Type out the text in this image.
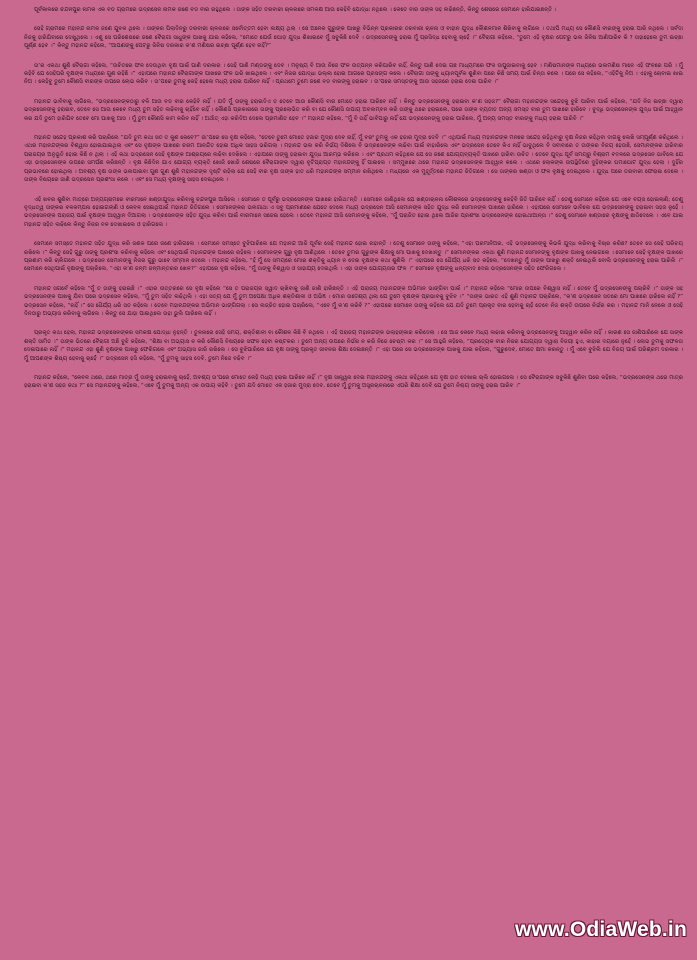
ପୂର୍ବକାଳରେ ଚନ୍ଦନପୁର ନାମକ ଏକ ବଡ ଗ୍ରାମରେ ଭଦ୍ରସେନ ନାମକ ଜଣେ ବଡ ବୀର ରହୁଥିଲେ । ତାଙ୍କ ସହିତ ତରବାରୀ ଚାଳନାରେ ସମକକ୍ଷ ଆଉ କେହିବି ଯୋଦ୍ଧା ନଥିଲେ । କେତେ ବୀର ତାଙ୍କ ସହ ଲଢିଛନ୍ତି, କିନ୍ତୁ ଶେଷରେ ସେମାନେ ହାରିଯାଇଛନ୍ତି ।

ସେହି ଗ୍ରାମରେ ମହାନନ୍ଦ ନାମକ ଜଣେ ଯୁବକ ଥିଲେ । ତାଙ୍କର ପିଲାଦିନରୁ ତରବାରୀ ଚାଳନାରେ ସର୍ବୋତ୍ତମ ହେବା ଲକ୍ଷ୍ୟ ଥିଲା । ସେ ଅନେକ ଗୁରୁଙ୍କ ପାଖରୁ ବିଭିନ୍ନ ପ୍ରକାରର ତରବାରୀ ଚାଳନା ଓ ବାହୀନ ଯୁଦ୍ଧ କୌଶଳମାନ ଶିଖିବାକୁ ଲାଗିଲେ । ତଥାପି ମଧ୍ୟ ସେ କୌଣସି ବୀରଙ୍କୁ ହରାଇ ପାରି ନଥିଲେ । ସର୍ବଦା ନିଜକୁ ହାରିଯିବାରେ ଦେଖୁଥିଲେ । ଏଣୁ ସେ ପରିଶେଷରେ ଜଣେ ବୈରାଗୀ ସାଧୁଙ୍କ ପାଖକୁ ଯାଇ କହିଲେ, “ମୋତେ ଯେଉଁ ଘୋଡ଼ ଯୁଦ୍ଧ ଶିଖାଇବେ ମୁଁ ସବୁକିଛି ଦେବି । ଭଦ୍ରସେନଙ୍କୁ ହରାଇ ମୁଁ ପ୍ରସିଦ୍ଧ ହେବାକୁ ଚାହେଁ ।” ବୈରାଗୀ କହିଲେ, “ତୁମେ ଏହି ବୃକ୍ଷର ପେଟରୁ ଭଲ ଜିନିଷ ଆଣିପାରିବ କି ? ତାହାହେଲେ ତୁମ ଇଚ୍ଛା ପୂର୍ଣ୍ଣ ହେବ ।” କିନ୍ତୁ ମହାନନ୍ଦ କହିଲେ, “ଆପଣଙ୍କୁ ପେଟରୁ ଜିନିଷ ଦରକାର କ’ଣ ମଣିଷର ଇଚ୍ଛା ପୂର୍ଣ୍ଣ ହେବ ନାହିଁ?”

ତା’ର ଏକଥା ଶୁଣି ବୈରାଗୀ କହିଲେ, “ଉଚିତରେ ଫଳ ଦେଉଥିବା ବୃକ୍ଷ ପାଇଁ ପାଣି ଦରକାର । ସେହି ପାଣି ମଣ୍ଡଙ୍କୁ ଦେବ । ମନୁଷ୍ୟ ବି ଆଉ ନିଜେ ଫଳ ଉତ୍ପନ୍ନ କରିପାରିବ ନାହିଁ, କିନ୍ତୁ ପାଣି ଦେଇ ଗଛ ମାଧ୍ୟମରେ ଫଳ ଉପୁଜାଇବାକୁ ହେବ । ମଣିଷମାନଙ୍କ ମଧ୍ୟରେ ଭଲମଣିଷ ମାନେ ଏହି ଫଳରେ ପରି । ମୁଁ କହିବି ଯେ ସେହିପରି ବୃକ୍ଷଙ୍କ ମଧ୍ୟରେ ଗୁଣ ରହିଛି ।” ଏହାପରେ ମହାନନ୍ଦ ବୈରାଗୀଙ୍କ ପାଖରେ ଫଳ ଭରି ଖାଇଥିଲେ । ଏବଂ ନିଜର ଯୋଦ୍ଧା ଭଲ୍ଲା ହୋଇ ଆଗରେ ପ୍ରସଙ୍ଗ କଲେ । ବୈରାଗୀ ତାଙ୍କୁ ଧ୍ୟାନପୂର୍ବକ ଶୁଣିବା ପରେ କିଛି ସମୟ ପାଇଁ ଚିନ୍ତା କଲେ । ପରେ ସେ କହିଲେ, “ଏହିଟିକୁ ନିଅ । ଏହାକୁ ଚୋବାଇ ଖାଇ ନିଅ । କେହିବୁ ତୁମେ କୌଣସି ବୀରଙ୍କ ଉପରେ ଲୋଭ କରିବ । ତା’ପରେ ତୁମକୁ କେହି ହେଲେ ମଧ୍ୟ ହରାଇ ପାରିବେ ନାହିଁ । ପ୍ରଥମେ ତୁମେ ଜଣେ ବଡ ବୀରଙ୍କୁ ହରାଇବ । ତା’ପରେ ସମସ୍ତଙ୍କୁ ଆଉ ସହଜରେ ହରାଇ ଦେଇ ପାରିବ ।”

ମହାନନ୍ଦ ଭାବିବାକୁ ଲାଗିଲେ, “ଭଦ୍ରସେନଙ୍କଠାରୁ ବଳି ଆଉ ବଡ ବୀର କେହିବି ନାହିଁ । ଯଦି ମୁଁ ତାଙ୍କୁ ହରାଇଦିଏ ତ ତେବେ ଆଉ କୌଣସି ବୀର ମୋତେ ହରାଇ ପାରିବେ ନାହିଁ । କିନ୍ତୁ ଭଦ୍ରସେନଙ୍କୁ ହରାଇବା କ’ଣ ସହଜ?” ବୈରାଗୀ ମହାନନ୍ଦଙ୍କ ସନ୍ଦେହକୁ ବୁଝି ପାରିବା ପାଇଁ କହିଲେ, “ଯଦି ନିଜ ଇଚ୍ଛା ଦ୍ୱାରା ଭଦ୍ରସେନଙ୍କୁ ହରାଇବ, ତେବେ ସେ ଆଉ କେବେ ମଧ୍ୟ ତୁମ ସହିତ ଲଢିବାକୁ ଚାହିଁବେ ନାହିଁ । କୌଣସି ପ୍ରକାରରେ ତାଙ୍କୁ ପ୍ରଲୋଭିତ କରି ବା ଯେ କୌଣସି ଉପାୟ ଅବଲମ୍ବନ କରି ତାଙ୍କୁ ଥରେ ହରାଇଲେ, ପରେ ତାଙ୍କ ବ୍ୟତୀତ ଅନ୍ୟ ସମସ୍ତ ବୀର ତୁମ ପାଖରେ ହାରିବେ । ବୁଦ୍ଧି ଭଦ୍ରସେନଙ୍କ ଯୁଦ୍ଧ ପାଇଁ ଆହ୍ୱାନ କର ଯଦି ତୁମେ ହାରିଯିବ ତେବେ ମୋ ପାଖକୁ ଆସ । ମୁଁ ତୁମ କୌଣସି କାମ କରିବ ନାହିଁ । ଅର୍ଥାତ୍ ଏହା କରିଦିଅ ଦେଲେ ପ୍ରମାଣିତ ହେବ ।” ମହାନନ୍ଦ କହିଲେ, “ମୁଁ ବି ତାହିଁ ଭାବିପାରୁ ନାହିଁ ଯେ ଭଦ୍ରସେନଙ୍କୁ ହରାଇ ପାରିଲେ, ମୁଁ ଅନ୍ୟ ସମସ୍ତ ବୀରଙ୍କୁ ମଧ୍ୟ ହରାଇ ପାରିବି ।”

ମହାନନ୍ଦ ସନ୍ଦେହ ପ୍ରକାଶ କରି ପଚାରିଲେ “ଯଦି ତୁମ କଥା ସତ ତ କୁଣ କେବେ?” ଜା’ପରେ ସେ ବୃକ୍ଷ କହିଲେ, “ତେବେ ତୁମେ ମୋତେ ହଜାର ମୁଦ୍ରା ଦେବ ନାହିଁ, ମୁଁ ବରଂ ତୁମକୁ ଏକ ହଜାର ମୁଦ୍ରା ଦେବି ।” ଏଥିପାଇଁ ମଧ୍ୟ ମହାନନ୍ଦଙ୍କ ମନରେ ସନ୍ଦେହ ରହିଥିବାରୁ ବୃକ୍ଷ ନିଜର କହିଥିବା ଦାଗକୁ ଲେଖି ସମ୍ପୂର୍ଣ୍ଣ କରିଥିଲେ । ଏଥର ମହାନନ୍ଦଙ୍କର ବିଶ୍ୱାସ ହୋଇଯାଇଥିଲା ଏବଂ ସେ ବୃକ୍ଷଙ୍କ ପାଖରେ ଚରମ ଆନନ୍ଦିତ ହୋଇ ଅଧିକ ସାହସ ଭରିଗଲା । ମହାନନ୍ଦ ଭଲ କରି ନିର୍ଭୟ ଦିଶିଲେ ବି ଭଦ୍ରସେନଙ୍କ ଲଢିବା ପାଇଁ ବାହାରିଲେ ଏବଂ ଭଦ୍ରସେନ ତେବେ କିଏ ନାହିଁ ଭାବୁଥିଲେ ବି ସବୀବାରେ ତ ତାଙ୍କର ବିଜୟ ହେଉଛି, ସେମାନଙ୍କର ହାରିବାର ପରାଜୟର ଅନୁଭୂତି ହୋଇ କିଛି ନ ଥିଲା । ଏହି କଥା ଭଦ୍ରସେନ ସେହି ବୃକ୍ଷଙ୍କ ଆଶ୍ରୟରେ ଲଢିବା ଦେଖିଲେ । ଏହାପରେ ତାଙ୍କୁ ହରାଇବା ଯୁଦ୍ଧ ଆରମ୍ଭ କରିଲେ । ଏବଂ ପ୍ରଥମ କହିଥିଲେ ଯେ ସେ ଜଣେ ଯୋଗ୍ୟବ୍ୟକ୍ତି ପାଖରେ ହାରିବା ଉଚିତ । ତେବେ ଯୁଦ୍ଧ ପୂର୍ବ ସମୟରୁ ବିଶ୍ରାମ ବଦଳରେ ଭଦ୍ରସେନ ଭାବିଲେ ଯେ ଏହା ଭଦ୍ରସେନଙ୍କ ଉପରେ ସମର୍ପଣ କରିଛନ୍ତି । ବୃକ୍ଷ କିଛିଦିନ ଯାଏ ଯୋଗ୍ୟ ବ୍ୟକ୍ତି ଖୋଜି ଖୋଜି ଶେଷରେ ବୈରାଗୀଙ୍କ ଦ୍ୱାରା ବୃଟିପ୍ରାପ୍ତ ମହାନନ୍ଦଙ୍କୁ ହିଁ ପାଇଲେ । ସମ୍ମୁଖରେ ଥରେ ମହାନନ୍ଦ ଭଦ୍ରସେନଙ୍କ ଆହ୍ୱାନ କଲେ । ଏଥରେ ଲୋକଙ୍କ ଉପସ୍ଥିତିରେ ଦୁହିଙ୍କର ଘମାଘୋଟ ଯୁଦ୍ଧ ହେଲା । ଦୁହିଁର ପ୍ରଭାବରେ ହୋଇଥିଲା । ଅବଶ୍ୟ ବୃକ୍ଷ ତାଙ୍କ ଭଲପାଇବା ଗୁଣ ଗୁଣ ଶୁଣି ମହାନନ୍ଦଙ୍କ ଦୃଷ୍ଟି ରହିଲା ଯେ ସେହି ବୀର ବୃକ୍ଷ ତାଙ୍କ ହାତ ଧରି ମହାନନ୍ଦଙ୍କ ସମ୍ମାନ ରଖିଥିଲେ । ମଧ୍ୟରେ ଏକ ମୁହୂର୍ତ୍ତରେ ମହାନନ୍ଦ ଜିତିଗଲେ । ସେ ତାଙ୍କର ଖଣ୍ଡା ଓ ଫଳ ବୃକ୍ଷକୁ ଦେଇଥିଲେ । ଯୁଦ୍ଧ ପରେ ତରବାରୀ ଫେରାଇ ଦେଲେ । ତାଙ୍କ ବିଷୟରେ ଜାଣି ଭଦ୍ରସେନ ପ୍ରଶଂସା କଲେ । ଏବଂ ସେ ମଧ୍ୟ ବୃକ୍ଷଙ୍କୁ ସାହସ ଦେଇଥିଲେ ।

ଏହି ଖବର ଶୁଣିବା ମାତ୍ରେ ଅନ୍ୟଗ୍ରାମରେ ବୀରମାନେ ଖଣ୍ଡାଯୁଦ୍ଧ କରିବାକୁ ଚନ୍ଦନପୁର ଆସିଲେ । ସେମାନେ ତ ପୂର୍ବରୁ ଭଦ୍ରସେନଙ୍କ ପାଖରେ ହାରିଥା’ନ୍ତି । ସେମାନେ ଜାଣିଥିଲେ ଯେ ଖଣ୍ଡାଚାଳନା କୌଶଳରେ ଭଦ୍ରସେନଙ୍କୁ କେହିବି ଜିତି ପାରିବେ ନାହିଁ । ତେଣୁ ସେମାନେ କହିଲେ ଯେ ଏବେ ବୟସ ହୋଇଲାଣି; ତେଣୁ ବୃଦ୍ଧତ୍ୱ ତାଙ୍କର ବଳକମ୍ପନା ହୋଇଗଲାଣି ଓ କେବଳ ସେଇଥିପାଇଁ ମହାନନ୍ଦ ଜିତିଗଲେ । ସେମାନଙ୍କର ଭଲଗାଥା ଏ ସବୁ ପ୍ରମାଣରେ ଯେତେ ଦେଲେ ମଧ୍ୟ ଭଦ୍ରସେନ ଆସି ସେମାନଙ୍କ ସହିତ ଯୁଦ୍ଧ କରି ସେମାନଙ୍କ ପାଖରେ ହାରିଲେ । ଏହାପରେ ସେମାନେ ଭାବିଲେ ଯେ ଭଦ୍ରସେନଙ୍କୁ ହରାଇବା ସହଜ ନୁହେଁ । ଭଦ୍ରସେନଙ୍କ ପରାଜୟ ପାଇଁ ବୃକ୍ଷଙ୍କ ଆହ୍ୱାନ ଦିଆଗଲା । ଭଦ୍ରସେନଙ୍କ ସହିତ ଯୁଦ୍ଧ କରିବା ପାଇଁ ବୀରମାନେ ସଜେଇ ହେଲେ । ତେବେ ମହାନନ୍ଦ ଆସି ସେମାନଙ୍କୁ କହିଲେ, “ମୁଁ ପରାଜିତ ହୋଇ ଥିଲେ ଆଜିର ପ୍ରଶଂସା ଭଦ୍ରସେନଙ୍କ ହୋଇଥାଆନ୍ତା ।” ତେଣୁ ସେମାନେ ଖଣ୍ଡାରେ ବୃକ୍ଷଙ୍କୁ ଛାଡିଦେଲେ । ଏବେ ଯାଇ ମହାନନ୍ଦ ସହିତ ଲଢିଲେ କିନ୍ତୁ ନିଜର ବଳ ଦେଖାଇଲେ ଓ ହାରିଗଲେ ।

ସେମାନେ ସମସ୍ତେ ମହାନନ୍ଦ ସହିତ ଯୁଦ୍ଧ କରି ଜଣକ ପରେ ଜଣେ ହାରିଗଲେ । ସେମାନେ ସମସ୍ତେ ବୁଝିପାରିଲେ ଯେ ମହାନନ୍ଦ ଆଜି ପୂର୍ବର ସେହି ମହାନନ୍ଦ ହୋଇ ନାହାନ୍ତି । ତେଣୁ ସେମାନେ ତାଙ୍କୁ କହିଲେ, “ଏହା ପରମାନିଅର, ଏହି ଭଦ୍ରସେନଙ୍କୁ କିଭଳି ଯୁଦ୍ଧ କରିବାକୁ ବିଚାର କରିଛ? ତେବେ ସେ ସେହି ପରିଚୟ ରଖିଲେ ।” କିନ୍ତୁ ସେହି ଗୁରୁ ତାଙ୍କୁ ପ୍ରଶଂସା କରିବାକୁ କହିଲେ ଏବଂ ସେଥିପାଇଁ ମହାନନ୍ଦଙ୍କ ପାଖରେ ରହିଲେ । ସେମାନଙ୍କ ଗୁରୁ ବୃକ୍ଷ ଆଣିଥିଲେ । ତେବେ ତୁମର ଗୁରୁଙ୍କ ଶିକ୍ଷାକୁ ମୋ ପାଖକୁ ଦେଖାନ୍ତୁ ।” ସେମାନଙ୍କର ଏକଥା ଶୁଣି ମହାନନ୍ଦ ସେମାନଙ୍କୁ ବୃକ୍ଷଙ୍କ ପାଖକୁ ନେଇଗଲେ । ସେମାନେ ସେହି ବୃକ୍ଷଙ୍କ ପାଖରେ ପ୍ରଣାମ କରି ଚାଲିଗଲେ । ଭଦ୍ରସେନ ସେମାନଙ୍କୁ ନିଜର ଗୁରୁ ଭାବେ ସମ୍ମାନ ଦେଲେ । ମହାନନ୍ଦ କହିଲେ, “ହଁ ମୁଁ ସେ ସମୟରେ ମୋର ଶକ୍ତିକୁ ଧ୍ୟାନ ନ ଦେଇ ବୃକ୍ଷଙ୍କ କଥା ଶୁଣିଲି ।” ଏହାପରେ ସେ ଧୈର୍ଯ୍ୟ ଧରି ସତ କହିଲେ, “ଦେଖନ୍ତୁ ମୁଁ ତାଙ୍କ ପାଖରୁ ଶକ୍ତି ନେଇଥିଲି ବୋଲି ଭଦ୍ରସେନଙ୍କୁ ହରାଇ ପାରିଲି ।” ସେମାନେ ସେଥିପାଇଁ ବୃକ୍ଷଙ୍କୁ ପଚାରିଲେ, “ଏହା କ’ଣ ଜନ୍ମ ଜନ୍ମାନ୍ତରର ଖେଳ?” ଏହାପରେ ବୃକ୍ଷ କହିଲେ, “ମୁଁ ତାଙ୍କୁ ବିଶ୍ୱାସ ଓ ସାହାଯ୍ୟ ଦେଇଥିଲି । ଏହା ତାଙ୍କ ଯୋଗ୍ୟତାର ଫଳ ।” ସେମାନେ ବୃକ୍ଷଙ୍କୁ ଧନ୍ୟବାଦ ଦେଇ ଭଦ୍ରସେନଙ୍କ ସହିତ ଫେରିଗଲେ ।

ମହାନନ୍ଦ ସଗର୍ବେ କହିଲେ “ମୁଁ ତ ତାଙ୍କୁ ହରାଇଛି ।” ଏହାର ଉତ୍ତରରେ ସେ ବୃକ୍ଷ କହିଲେ “ସେ ତ ପରାଜୟର ସ୍ୱାଦ ଚାଖିବାକୁ ଜାଣି ଜାଣି ହାରିଛନ୍ତି । ଏହି ପରାଜୟ ମହାନନ୍ଦଙ୍କ ଅଭିମାନ ଭାଙ୍ଗିବା ପାଇଁ ।” ମହାନନ୍ଦ କହିଲେ “ମୋର ଉପରେ ବିଶ୍ୱାସ ନାହିଁ । ତେବେ ମୁଁ ଭଦ୍ରସେନଙ୍କୁ ପଚାରିବି ।” ତାଙ୍କ ସହ ଭଦ୍ରସେନଙ୍କ ପାଖକୁ ଯିବା ପରେ ଭଦ୍ରସେନ କହିଲେ, “ମୁଁ ତୁମ ସହିତ ଲଢିଥିଲି । ଏହା ସତ୍ୟ ଯେ ମୁଁ ତୁମ ଅପେକ୍ଷା ଅଧିକ ଶକ୍ତିଶାଳୀ ଓ ଅଭିଜ୍ଞ । ମୋର ଉଦ୍ଦେଶ୍ୟ ଥିଲା ଯେ ତୁମେ ବୃକ୍ଷଙ୍କ ପ୍ରଭାବକୁ ବୁଝିବ ।” “ତାଙ୍କ ଭାରତ ଏହି ଶୁଣି ମହାନନ୍ଦ ପଚାରିଲେ, “କ’ଣ ଭଦ୍ରସେନ ସତରେ ମୋ ପାଖରେ ହାରିଲେ ନାହିଁ ?” ଭଦ୍ରସେନ କହିଲେ, “ନାହିଁ ।” ସେ ଧୈର୍ଯ୍ୟ ଧରି ସତ କହିଲେ । ତେବେ ମହାନନ୍ଦଙ୍କର ଅଭିମାନ ଭାଙ୍ଗିଗଲା । ସେ ଲଜ୍ଜିତ ହୋଇ ପଚାରିଲେ, “ଏବେ ମୁଁ କ’ଣ କରିବି ?” ଏହାପରେ ସେମାନେ ତାଙ୍କୁ କହିଲେ ଯେ ଯଦି ତୁମେ ପ୍ରକୃତ ବୀର ହେବାକୁ ଚାହଁ ତେବେ ନିଜ ଶକ୍ତି ଉପରେ ନିର୍ଭର କର । ମହାନନ୍ଦ ମାନି ନେଲେ ଓ ସେହି ଦିନଠାରୁ ଅଭ୍ୟାସ କରିବାକୁ ଲାଗିଲେ । କିନ୍ତୁ ସେ ଯାହା ପାଇଥିଲେ ତାହା ଭୁଲି ପାରିଲେ ନାହିଁ ।

ପ୍ରକୃତ କଥା ହେଲା, ମହାନନ୍ଦ ଭଦ୍ରସେନଙ୍କର ସମକକ୍ଷ ଯୋଦ୍ଧା ନୁହନ୍ତି । ତୁଳନାରେ ସେହି ସମୟ, ଶକ୍ତିଶାଳୀ ବା କୌଶଳ କିଛି ବି ନଥିଲେ । ଏହି ପରାଜୟ ମହାନନ୍ଦଙ୍କ ଭଲାହଙ୍କାର କରିଦେଲା । ସେ ଆଜ କେବେ ମଧ୍ୟ ଲଢାଇ କରିବାକୁ ଭଦ୍ରସେନଙ୍କୁ ଆହ୍ୱାନ କରିନ ନାହିଁ । କାରଣ ସେ ଜାଣିପାରିଲେ ଯେ ତାଙ୍କ ଶକ୍ତି ସୀମିତ ।” ତାଙ୍କ ଭିତରେ ବୈରାଗୀ ଅଛି ବୁଝି କହିଲେ, “ଶିକ୍ଷା ବା ଅଭ୍ୟାସ ନ କରି କୌଣସି ବିଷୟରେ ସଫଳ ହେବା କଷ୍ଟକର । ତୁମେ ଅନ୍ୟ ଉପରେ ନିର୍ଭର ନ କରି ନିଜେ ଚେଷ୍ଟା କର ।” ସେ ଆହୁରି କହିଲେ, “ପ୍ରତ୍ୟେକ ବୀର ନିଜର ଯୋଗ୍ୟତା ଦ୍ୱାରା ବିଜୟୀ ହୁଏ, କାହାର ଦୟାରେ ନୁହେଁ । ଲୋଭ ତୁମକୁ ସଫଳତା ଦେଇପାରେ ନାହିଁ ।” ମହାନନ୍ଦ ଏହା ଶୁଣି ବୃକ୍ଷଙ୍କ ପାଖରୁ ଫେରିଗଲେ ଏବଂ ଅଭ୍ୟାସ ଜାରି ରଖିଲେ । ସେ ବୁଝିପାରିଲେ ଯେ ବୃକ୍ଷ ତାଙ୍କୁ ପ୍ରକୃତ ଜୀବନର ଶିକ୍ଷା ଦେଇଛନ୍ତି ।” ଏହା ପରେ ସେ ଭଦ୍ରସେନଙ୍କ ପାଖକୁ ଯାଇ କହିଲେ, “ଗୁରୁଦେବ, ମୋତେ କ୍ଷମା କରନ୍ତୁ । ମୁଁ ଏବେ ବୁଝିଲି ଯେ ବିଜୟ ପାଇଁ ପରିଶ୍ରମ ଦରକାର । ମୁଁ ଆପଣଙ୍କ ଶିଷ୍ୟ ହେବାକୁ ଚାହେଁ ।” ଭଦ୍ରସେନ ହସି କହିଲେ, “ମୁଁ ତୁମକୁ ସାହସ ଦେବି, ତୁମେ ନିଜେ ବଢିବ ।”

ମହାନନ୍ଦ କହିଲେ, “କେବଳ ଥରେ, ଥରେ ମାତ୍ର ମୁଁ ତାଙ୍କୁ ହରାଇବାକୁ ଚାହେଁ, ଅବଶ୍ୟ ତା’ପରେ ମୋତେ କେହି ମଧ୍ୟ ହରାଇ ପାରିବେ ନାହିଁ ।” ବୃକ୍ଷ ସାନ୍ତ୍ୱନା ଦେଇ ମହାନନ୍ଦଙ୍କୁ ଏକଥା କହିଥିଲେ ଯେ ବୃକ୍ଷ ହାତ ଦେଖାଇ ଚାଲି ହୋଇଗଲେ । ସେ ବୈରାଗୀଙ୍କ ସବୁକିଛି ଶୁଣିବା ପରେ କହିଲେ, “ଭଦ୍ରସେନଙ୍କ ଥରେ ମାତ୍ର ହରାଇବା କ’ଣ ସହଜ କଥା ?” ସେ ମହାନନ୍ଦଙ୍କୁ କହିଲେ, “ଏବେ ମୁଁ ତୁମକୁ ଅନ୍ୟ ଏକ ଉପାୟ କହିବି । ତୁମେ ଯଦି ମୋତେ ଏକ ହଜାର ମୁଦ୍ରା ଦେବ, ତେବେ ମୁଁ ତୁମକୁ ଅସ୍ତ୍ରଚାଳନାରେ ଏପରି ଶିକ୍ଷା ଦେବି ଯେ ତୁମେ ନିଶ୍ଚୟ ତାଙ୍କୁ ହରାଇ ପାରିବ ।”

www.OdiaWeb.in
